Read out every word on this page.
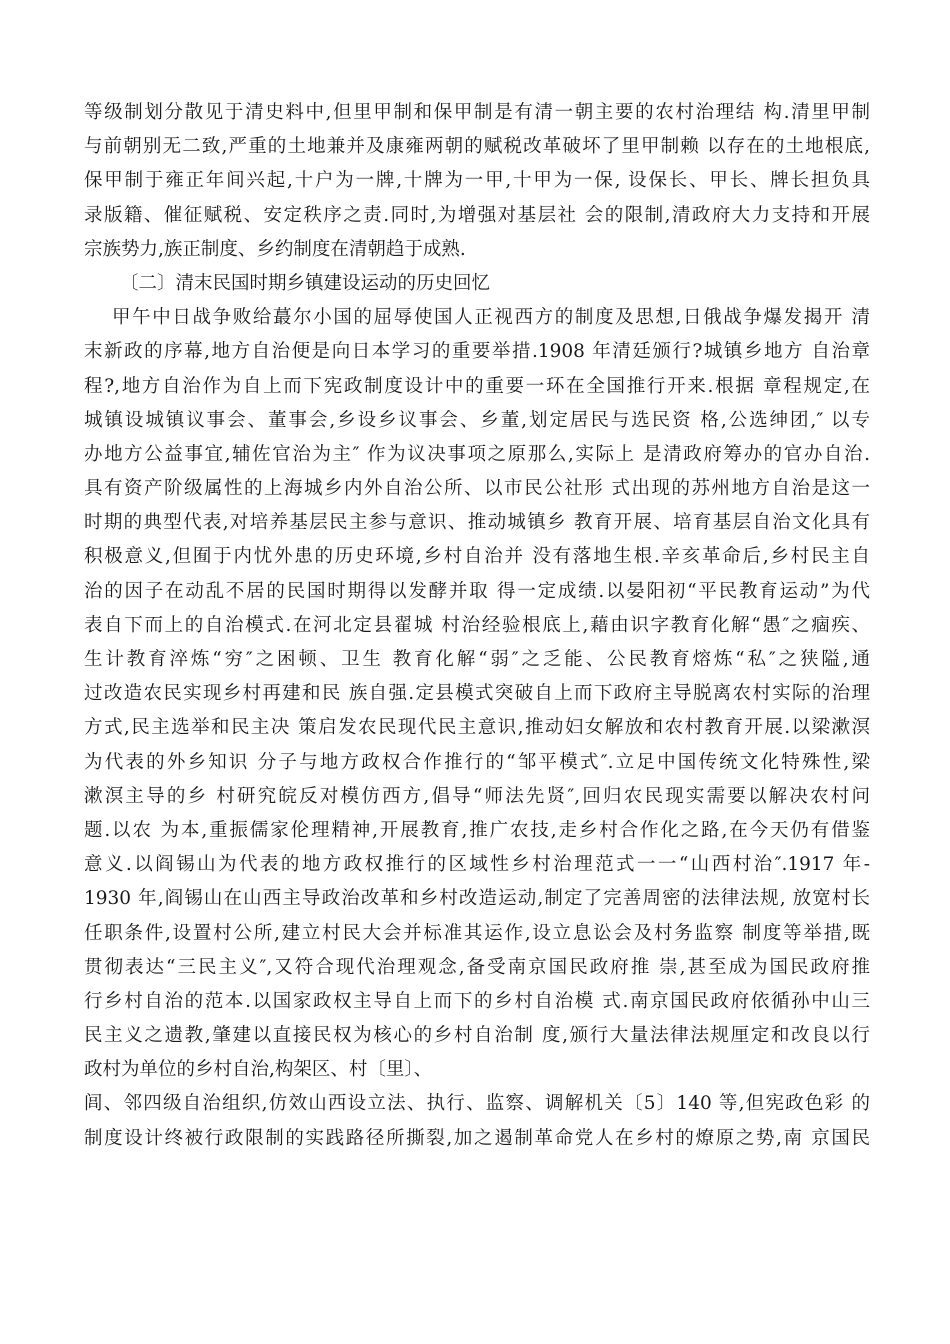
等级制划分散见于清史料中,但里甲制和保甲制是有清一朝主要的农村治理结 构.清里甲制
与前朝别无二致,严重的土地兼并及康雍两朝的赋税改革破坏了里甲制赖 以存在的土地根底,
保甲制于雍正年间兴起,十户为一牌,十牌为一甲,十甲为一保, 设保长、甲长、牌长担负具
录版籍、催征赋税、安定秩序之责.同时,为增强对基层社 会的限制,清政府大力支持和开展
宗族势力,族正制度、乡约制度在清朝趋于成熟.
〔二〕清末民国时期乡镇建设运动的历史回忆
甲午中日战争败给蕞尔小国的屈辱使国人正视西方的制度及思想,日俄战争爆发揭开 清
末新政的序幕,地方自治便是向日本学习的重要举措.1908 年清廷颁行?城镇乡地方 自治章
程?,地方自治作为自上而下宪政制度设计中的重要一环在全国推行开来.根据 章程规定,在
城镇设城镇议事会、董事会,乡设乡议事会、乡董,划定居民与选民资 格,公选绅团,″ 以专
办地方公益事宜,辅佐官治为主″ 作为议决事项之原那么,实际上 是清政府筹办的官办自治.
具有资产阶级属性的上海城乡内外自治公所、以市民公社形 式出现的苏州地方自治是这一
时期的典型代表,对培养基层民主参与意识、推动城镇乡 教育开展、培育基层自治文化具有
积极意义,但囿于内忧外患的历史环境,乡村自治并 没有落地生根.辛亥革命后,乡村民主自
治的因子在动乱不居的民国时期得以发酵并取 得一定成绩.以晏阳初“平民教育运动”为代
表自下而上的自治模式.在河北定县翟城 村治经验根底上,藉由识字教育化解“愚″之痼疾、
生计教育淬炼“穷″之困顿、卫生 教育化解“弱″之乏能、公民教育熔炼“私″之狭隘,通
过改造农民实现乡村再建和民 族自强.定县模式突破自上而下政府主导脱离农村实际的治理
方式,民主选举和民主决 策启发农民现代民主意识,推动妇女解放和农村教育开展.以梁漱溟
为代表的外乡知识 分子与地方政权合作推行的“邹平模式″.立足中国传统文化特殊性,梁
漱溟主导的乡 村研究皖反对模仿西方,倡导“师法先贤″,回归农民现实需要以解决农村问
题.以农 为本,重振儒家伦理精神,开展教育,推广农技,走乡村合作化之路,在今天仍有借鉴
意义.以阎锡山为代表的地方政权推行的区域性乡村治理范式一一“山西村治″.1917 年-
1930 年,阎锡山在山西主导政治改革和乡村改造运动,制定了完善周密的法律法规, 放宽村长
任职条件,设置村公所,建立村民大会并标准其运作,设立息讼会及村务监察 制度等举措,既
贯彻表达“三民主义″,又符合现代治理观念,备受南京国民政府推 崇,甚至成为国民政府推
行乡村自治的范本.以国家政权主导自上而下的乡村自治模 式.南京国民政府依循孙中山三
民主义之遗教,肇建以直接民权为核心的乡村自治制 度,颁行大量法律法规厘定和改良以行
政村为单位的乡村自治,构架区、村〔里〕、
闾、邻四级自治组织,仿效山西设立法、执行、监察、调解机关〔5〕140 等,但宪政色彩 的
制度设计终被行政限制的实践路径所撕裂,加之遏制革命党人在乡村的燎原之势,南 京国民
